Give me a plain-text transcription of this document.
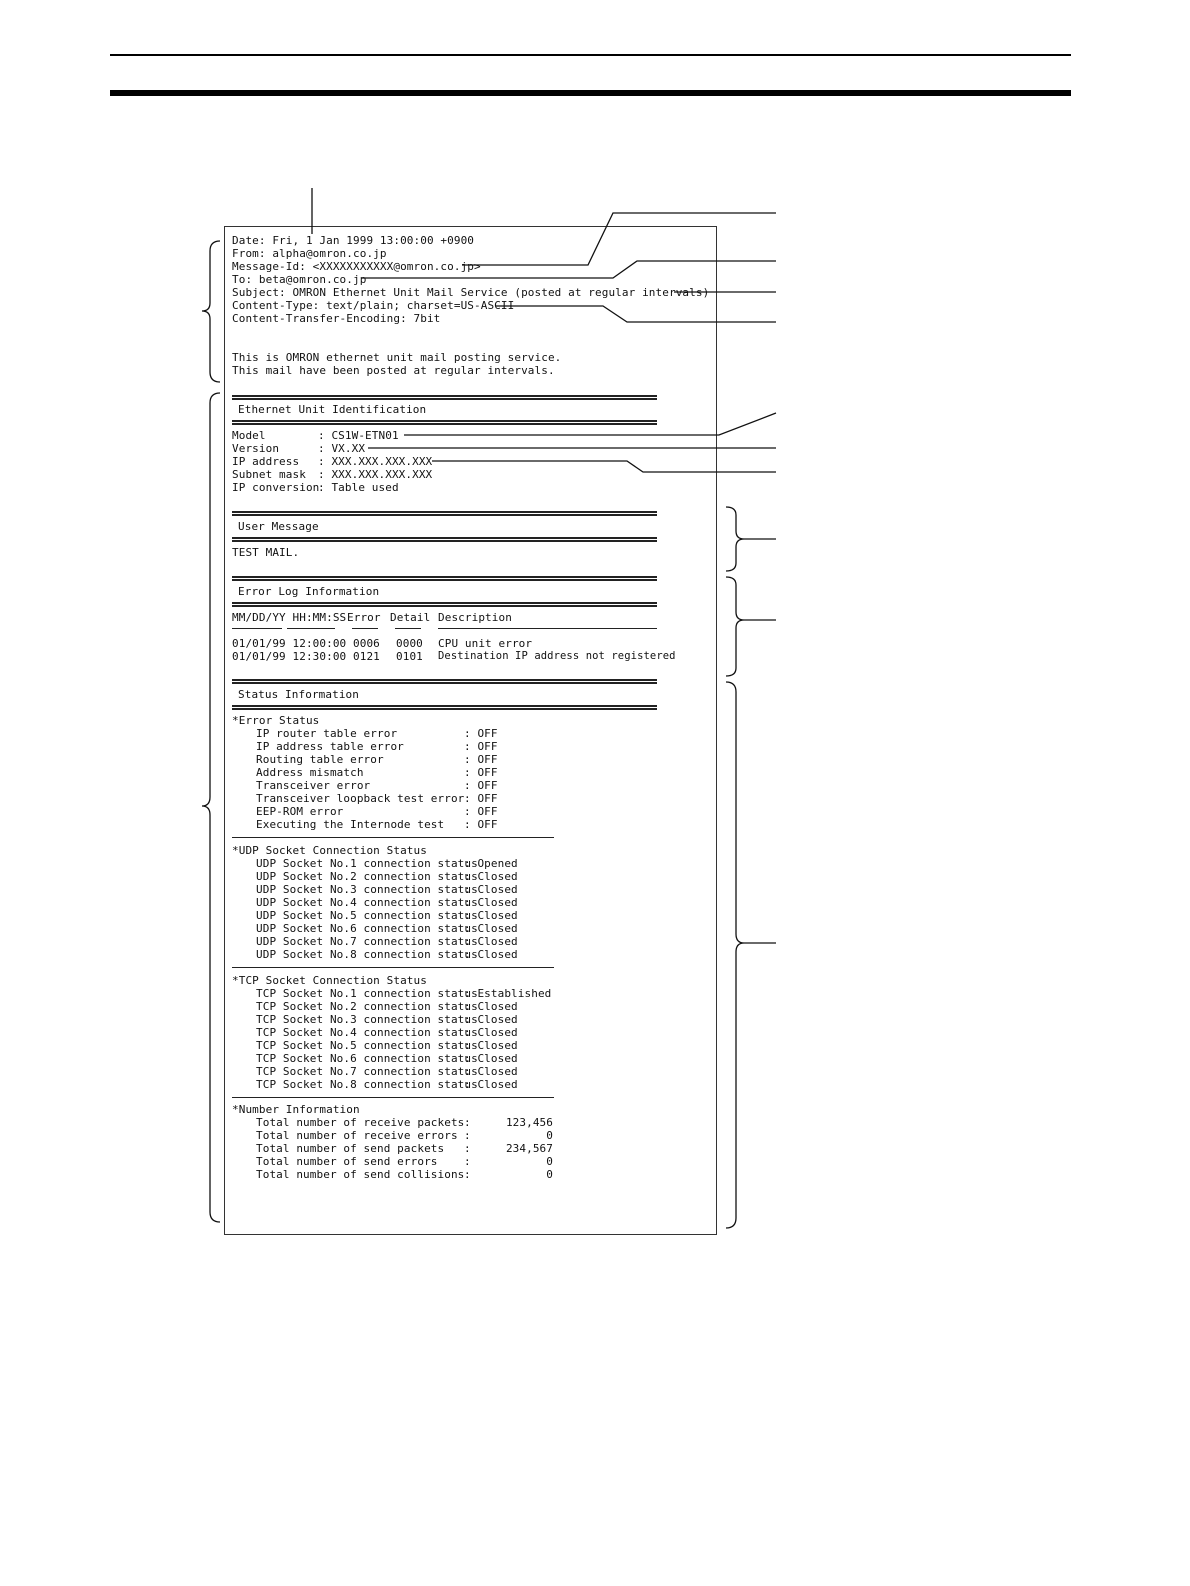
Date: Fri, 1 Jan 1999 13:00:00 +0900
From: alpha@omron.co.jp
Message-Id: <XXXXXXXXXXX@omron.co.jp>
To: beta@omron.co.jp
Subject: OMRON Ethernet Unit Mail Service (posted at regular intervals)
Content-Type: text/plain; charset=US-ASCII
Content-Transfer-Encoding: 7bit
This is OMRON ethernet unit mail posting service.
This mail have been posted at regular intervals.
Ethernet Unit Identification
Model	: CS1W-ETN01
Version	: VX.XX
IP address : XXX.XXX.XXX.XXX
Subnet mask : XXX.XXX.XXX.XXX
IP conversion
: Table used
User Message
TEST MAIL.
Error Log Information
MM/DD/YY HH:MM:SS Error Detail Description
01/01/99 12:00:00 0006 0000 CPU unit error
01/01/99 12:30:00 0121 0101 Destination IP address not registered
Status Information
*Error Status
IP router table error	: OFF
IP address table error	: OFF
Routing table error	: OFF
Address mismatch	: OFF
Transceiver error	: OFF
Transceiver loopback test error : OFF
EEP-ROM error	: OFF
Executing the Internode test : OFF
*UDP Socket Connection Status
UDP Socket No.1 connection status
: Opened
UDP Socket No.2 connection status
: Closed
UDP Socket No.3 connection status
: Closed
UDP Socket No.4 connection status
: Closed
UDP Socket No.5 connection status
: Closed
UDP Socket No.6 connection status
: Closed
UDP Socket No.7 connection status
: Closed
UDP Socket No.8 connection status
: Closed
*TCP Socket Connection Status
TCP Socket No.1 connection status
: Established
TCP Socket No.2 connection status
: Closed
TCP Socket No.3 connection status
: Closed
TCP Socket No.4 connection status
: Closed
TCP Socket No.5 connection status
: Closed
TCP Socket No.6 connection status
: Closed
TCP Socket No.7 connection status
: Closed
TCP Socket No.8 connection status
: Closed
*Number Information
Total number of receive packets :	123,456
Total number of receive errors :	0
Total number of send packets :	234,567
Total number of send errors :	0
Total number of send collisions :	0
